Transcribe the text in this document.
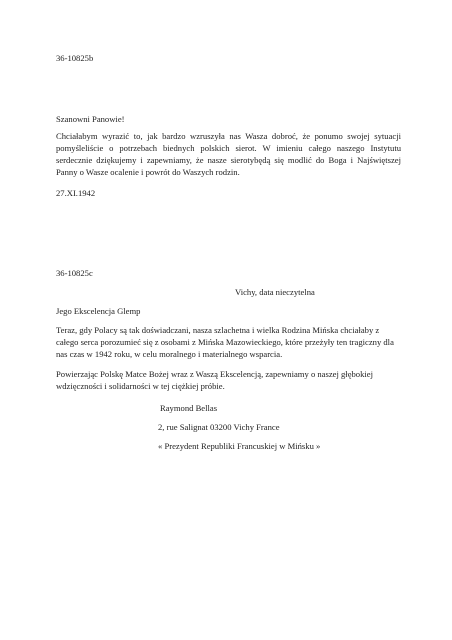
36-10825b
Szanowni Panowie!
Chciałabym wyrazić to, jak bardzo wzruszyła nas Wasza dobroć, że ponumo swojej sytuacji pomyśleliście o potrzebach biednych polskich sierot. W imieniu całego naszego Instytutu serdecznie dziękujemy i zapewniamy, że nasze sierotybędą się modlić do Boga i Najświętszej Panny o Wasze ocalenie i powrót do Waszych rodzin.
27.XI.1942
36-10825c
Vichy, data nieczytelna
Jego Ekscelencja Glemp
Teraz, gdy Polacy są tak doświadczani, nasza szlachetna i wielka Rodzina Mińska chciałaby z całego serca porozumieć się z osobami z Mińska Mazowieckiego, które przeżyły ten tragiczny dla nas czas w 1942 roku, w celu moralnego i materialnego wsparcia.
Powierzając Polskę Matce Bożej wraz z Waszą Ekscelencją, zapewniamy o naszej głębokiej wdzięczności i solidarności w tej ciężkiej próbie.
Raymond Bellas
2, rue Salignat 03200 Vichy France
« Prezydent Republiki Francuskiej w Mińsku »
